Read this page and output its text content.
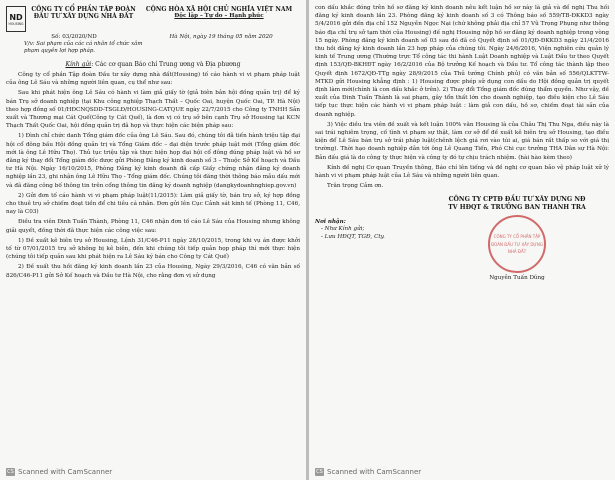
ND
HOUSING
CÔNG TY CỔ PHẦN TẬP ĐOÀN
ĐẦU TƯ XÂY DỰNG NHÀ ĐẤT
CỘNG HÒA XÃ HỘI CHỦ NGHĨA VIỆT NAM
Độc lập – Tự do – Hạnh phúc
Số: 03/2020/ND	Hà Nội, ngày 19 tháng 05 năm 2020
V/v: Sai phạm của các cá nhân tổ chức xâm phạm quyền lợi hợp pháp.
Kính gửi: Các cơ quan Báo chí Trung ương và Địa phương

Công ty cổ phần Tập đoàn Đầu tư xây dựng nhà đất(Housing) tố cáo hành vi vi phạm pháp luật của ông Lê Sáu và những người liên quan, cụ thể như sau:

Sau khi phát hiện ông Lê Sáu có hành vi làm giả giấy tờ (giả biên bản hội đồng quản trị) để ký bán Trụ sở doanh nghiệp (tại Khu công nghiệp Thạch Thất – Quốc Oai, huyện Quốc Oai, TP. Hà Nội) theo hợp đồng số 01/HĐCNQSDD-TSGLĐ/HOUSING-CATQUE ngày 22/7/2015 cho Công ty TNHH Sản xuất và Thương mại Cát Quế(Công ty Cát Quế), là đơn vị có trụ sở bên cạnh Trụ sở Housing tại KCN Thạch Thất Quốc Oai, hội đồng quản trị đã họp và thực hiện các biện pháp sau:

1) Đình chỉ chức danh Tổng giám đốc của ông Lê Sáu. Sau đó, chúng tôi đã tiến hành triệu tập đại hội cổ đông bầu Hội đồng quản trị và Tổng Giám đốc – đại diện trước pháp luật mới (Tổng giám đốc mới là ông Lê Hữu Thọ). Thủ tục triệu tập và thực hiện họp đại hội cổ đông đúng pháp luật và hồ sơ đăng ký thay đổi Tổng giám đốc được gửi Phòng Đăng ký kinh doanh số 3 – Thuộc Sở Kế hoạch và Đầu tư Hà Nội. Ngày 16/10/2015, Phòng Đăng ký kinh doanh đã cấp Giấy chứng nhận đăng ký doanh nghiệp lần 23, ghi nhận ông Lê Hữu Thọ - Tổng giám đốc. Chúng tôi đăng thời thông báo mẫu dấu mới và đã đăng công bố thông tin trên cổng thông tin đăng ký doanh nghiệp (dangkydoanhnghiep.gov.vn)

2) Gửi đơn tố cáo hành vi vi phạm pháp luật(11/2015): Làm giả giấy tờ, bán trụ sở, ký hợp đồng cho thuê trụ sở chiếm đoạt tiền để chi tiêu cá nhân. Đơn gửi lên Cục Cảnh sát kinh tế (Phòng 11, C46, nay là C03)

Điều tra viên Đinh Tuấn Thành, Phòng 11, C46 nhận đơn tố cáo Lê Sáu của Housing nhưng không giải quyết, đồng thời đã thực hiện các công việc sau:

1) Đề xuất kê biên trụ sở Housing, Lệnh 31/C46-P11 ngày 28/10/2015, trong khi vụ án được khởi tố từ 07/01/2015 trụ sở không bị kê biên, đến khi chúng tôi tiếp quản họp pháp thì mới thực hiện (chúng tôi tiếp quản sau khi phát hiện ra Lê Sáu ký bán cho Công ty Cát Quế)

2) Đề xuất thu hồi đăng ký kinh doanh lần 23 của Housing, Ngày 29/3/2016, C46 có văn bản số 826/C46-P11 gửi Sở Kế hoạch và Đầu tư Hà Nội, cho rằng đơn vị sử dụng

CS Scanned with CamScanner

con dấu khắc đóng trên hồ sơ đăng ký kinh doanh nêu kết luận hồ sơ này là giả và đề nghị Thu hồi đăng ký kinh doanh lần 23. Phòng đăng ký kinh doanh số 3 có Thông báo số 559/TB-ĐKKD3 ngày 5/4/2016 gửi đến địa chỉ 152 Nguyễn Ngọc Nại (chứ không phải địa chỉ 57 Vũ Trọng Phụng như thông báo địa chỉ trụ sở tạm thời của Housing) đề nghị Housing nộp hồ sơ đăng ký doanh nghiệp trong vòng 15 ngày. Phòng đăng ký kinh doanh số 03 sau đó đã có Quyết định số 01/QĐ-ĐKKD3 ngày 21/4/2016 thu hồi đăng ký kinh doanh lần 23 hợp pháp của chúng tôi. Ngày 24/6/2016, Viện nghiên cứu quản lý kinh tế Trung ương (Thường trực Tổ công tác thi hành Luật Doanh nghiệp và Luật Đầu tư theo Quyết định 153/QĐ-BKHĐT ngày 16/2/2016 của Bộ trưởng Kế hoạch và Đầu tư. Tổ công tác thành lập theo Quyết định 1672/QĐ-TTg ngày 28/9/2015 của Thủ tướng Chính phủ) có văn bản số 556/QLKTTW-MTKD gửi Housing khẳng định : 1) Housing được phép sử dụng con dấu do Hội đồng quản trị quyết định làm mới(chính là con dấu khắc ở trên). 2) Thay đổi Tổng giám đốc đúng thẩm quyền. Như vậy, đề xuất của Đinh Tuấn Thành là sai phạm, gây tổn thất lớn cho doanh nghiệp, tạo điều kiện cho Lê Sáu tiếp tục thực hiện các hành vi vi phạm pháp luật : làm giả con dấu, hồ sơ, chiếm đoạt tài sản của doanh nghiệp.

3) Việc điều tra viên đề xuất và kết luận 100% văn Housing là của Châu Thị Thu Nga, điều này là sai trái nghiêm trọng, cố tình vi phạm sự thật, làm cơ sở để đề xuất kê biên trụ sở Housing, tạo điều kiện để Lê Sáu bán trụ sở trái pháp luật(chênh lệch giá rơi vào túi ai, giá bán rất thấp so với giá thị trường). Thời hạo doanh nghiệp dẫn tới ông Lê Quang Tiến, Phó Chi cục trưởng THA Dân sự Hà Nội: Bản đấu giá là do công ty thực hiện và công ty đó tự chịu trách nhiệm. (hài hào kèm theo)

Kính đề nghị Cơ quan Truyền thông, Báo chí lên tiếng và đề nghị cơ quan bảo vệ pháp luật xử lý hành vi vi phạm pháp luật của Lê Sáu và những người liên quan.

Trân trọng Cảm ơn.

Nơi nhận:
- Như Kính gửi;
- Lưu HĐQT, TGĐ, Cty.
CÔNG TY CPTĐ ĐẦU TƯ XÂY DỰNG NĐ
TV HĐQT & TRƯỞNG BAN THANH TRA
CÔNG TY CỔ PHẦN TẬP ĐOÀN ĐẦU TƯ XÂY DỰNG NHÀ ĐẤT
Nguyễn Tuấn Dũng
CS Scanned with CamScanner
